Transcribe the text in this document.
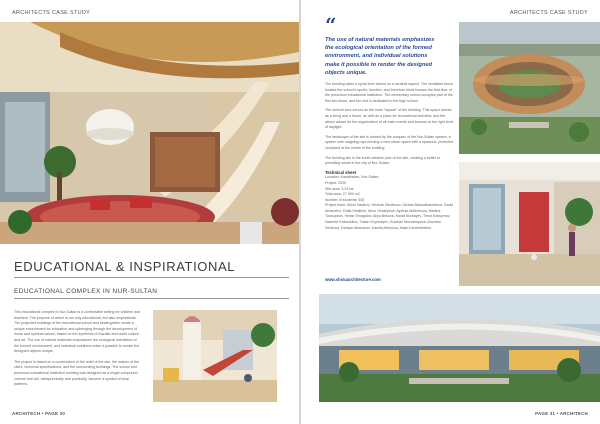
ARCHITECTS CASE STUDY
EDUCATIONAL & INSPIRATIONAL
EDUCATIONAL COMPLEX IN NUR-SULTAN

This educational complex in Nur-Sultan is a comfortable setting for children and teachers. The purpose of which is not only educational, but also inspirational. The projected buildings of the educational school and kindergarten create a unique environment for education and upbringing through the development of moral and spiritual values, based on the synthesis of Kazakh and world culture and art. The use of natural materials emphasizes the ecological orientation of the formed environment, and individual solutions make it possible to render the designed objects unique.

The project is based on a combination of the relief of the site, the wishes of the client, technical specifications, and the surrounding buildings. The school and preschool educational institution building was designed as a single compound volume that will, metaphorically and poetically, become a symbol of local patterns.

ARCHITECH • PAGE 30
ARCHITECTS CASE STUDY
“
The use of natural materials emphasizes the ecological orientation of the formed environment, and individual solutions make it possible to render the designed objects unique.

The building takes a spiral form based on a cardinal aspect. The ventilated block locates the school's sports, function, and therefore block houses the first floor of the preschool educational institution. The elementary school occupies part of the first two floors, and the rest is dedicated to the high school.

The vertical core serves as the main "square" of the building. This space serves as a living and a forum, as well as a place for recreational activities, and the atrium allows for the organization of all main events and lessons at the right level of daylight.

The landscape of the site is formed by the complex of the Nur-Sultan system, a system with outgoing rays forming a new urban space with a spacious, protected courtyard at the centre of the building.

The building sits in the south-western part of the site, creating a buffer to prevailing winds in the city of Nur-Sultan.

Technical sheet

Location: Kazakhstan, Nur-Sultan

Project: 2020

Site area: 3.29 ha

Total area: 27 000 m2

Number of students: 530

Project team: Alinur Nadirov, Yerzhan Berdenov, Olzhas Baimukhambetov, Saule Amanzhol, Dulat Shaikhin, Ainur Ordaliyeva, Ayzhan Adilbekova, Madina Tussupova, Yerlan Smagulov, Aliya Bekova, Marat Nurbayev, Timur Kassymov, Nazerke Kabdoldina, Sultan Orynbayev, Gulzhan Murzabayeva, Aruzhan Serikova, Daniyar Aitzhanov, Kamila Abenova, Aslan Kenzhebekov

www.shinuarchitecture.com
PAGE 31 • ARCHITECH
